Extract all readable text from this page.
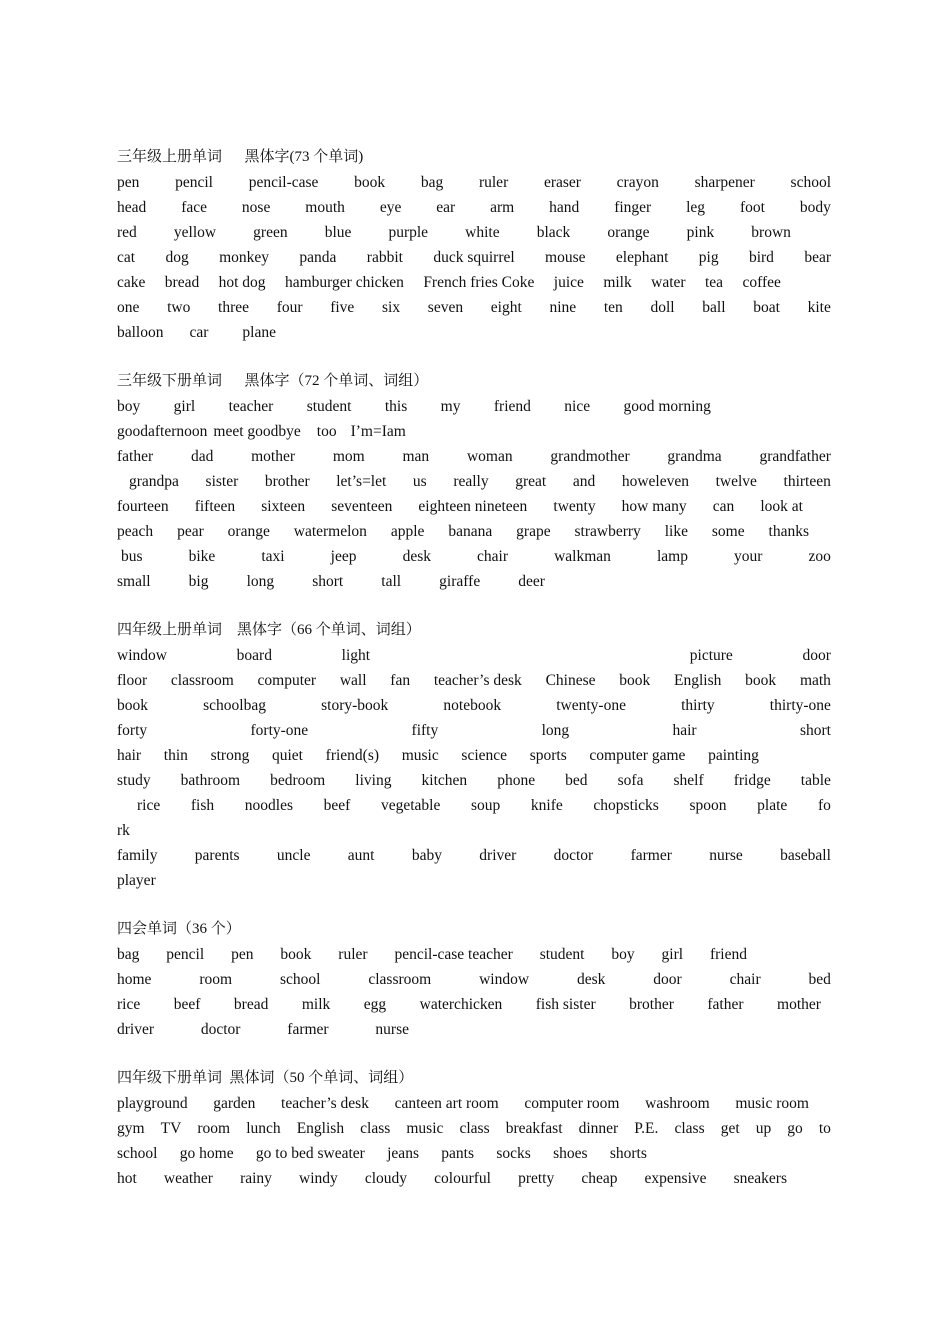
三年级上册单词      黑体字(73 个单词)
pen pencil pencil-case book bag ruler eraser crayon sharpener school
head face nose mouth eye ear arm hand finger leg foot body
red yellow green blue purple white black orange pink brown
cat dog monkey panda rabbit duck squirrel mouse elephant pig bird bear
cake bread hot dog hamburger chicken French fries Coke juice milk water tea coffee
one two three four five six seven eight nine ten doll ball boat kite
balloon car plane
三年级下册单词      黑体字（72 个单词、词组）
boy girl teacher student this my friend nice good morning
goodafternoon meet goodbye too I’m=Iam
father dad mother mom man woman grandmother grandma grandfather
grandpa sister brother let’s=let us really great and howeleven twelve thirteen
fourteen fifteen sixteen seventeen eighteen nineteen twenty how many can look at
peach pear orange watermelon apple banana grape strawberry like some thanks
bus	bike	taxi	jeep	desk	chair	walkman	lamp	your	zoo
small big long short tall giraffe deer
四年级上册单词    黑体字（66 个单词、词组）
window	board	light	picture	door
floor classroom computer wall fan teacher’s desk Chinese book English book math
book	schoolbag	story-book	notebook	twenty-one	thirty	thirty-one
forty	forty-one	fifty	long	hair	short
hair thin strong quiet friend(s) music science sports computer game painting
study bathroom bedroom living kitchen phone bed sofa shelf fridge table
rice fish noodles beef vegetable soup knife chopsticks spoon plate fo
rk
family parents uncle aunt baby driver doctor farmer nurse baseball
player
四会单词（36 个）
bag pencil pen book ruler pencil-case teacher student boy girl friend
home	room	school	classroom	window	desk	door	chair	bed
rice beef bread milk egg waterchicken fish sister brother father mother
driver	doctor	farmer	nurse
四年级下册单词  黑体词（50 个单词、词组）
playground garden teacher’s desk canteen art room computer room washroom music room
gym TV room lunch English class music class breakfast dinner P.E. class get up go to
school go home go to bed sweater jeans pants socks shoes shorts
hot weather rainy windy cloudy colourful pretty cheap expensive sneakers
